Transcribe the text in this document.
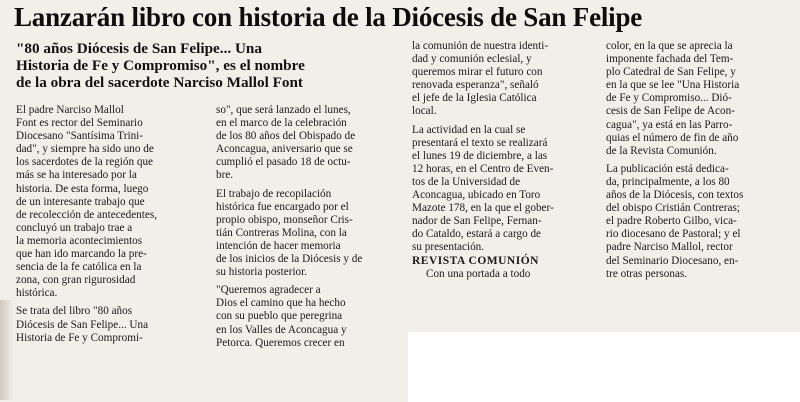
Lanzarán libro con historia de la Diócesis de San Felipe
"80 años Diócesis de San Felipe... Una
Historia de Fe y Compromiso", es el nombre
de la obra del sacerdote Narciso Mallol Font
El padre Narciso Mallol
Font es rector del Seminario
Diocesano "Santísima Trini-
dad", y siempre ha sido uno de
los sacerdotes de la región que
más se ha interesado por la
historia. De esta forma, luego
de un interesante trabajo que
de recolección de antecedentes,
concluyó un trabajo trae a
la memoria acontecimientos
que han ido marcando la pre-
sencia de la fe católica en la
zona, con gran rigurosidad
histórica.
Se trata del libro "80 años
Diócesis de San Felipe... Una
Historia de Fe y Compromi-
so", que será lanzado el lunes,
en el marco de la celebración
de los 80 años del Obispado de
Aconcagua, aniversario que se
cumplió el pasado 18 de octu-
bre.
El trabajo de recopilación
histórica fue encargado por el
propio obispo, monseñor Cris-
tián Contreras Molina, con la
intención de hacer memoria
de los inicios de la Diócesis y de
su historia posterior.
"Queremos agradecer a
Dios el camino que ha hecho
con su pueblo que peregrina
en los Valles de Aconcagua y
Petorca. Queremos crecer en
la comunión de nuestra identi-
dad y comunión eclesial, y
queremos mirar el futuro con
renovada esperanza", señaló
el jefe de la Iglesia Católica
local.
La actividad en la cual se
presentará el texto se realizará
el lunes 19 de diciembre, a las
12 horas, en el Centro de Even-
tos de la Universidad de
Aconcagua, ubicado en Toro
Mazote 178, en la que el gober-
nador de San Felipe, Fernan-
do Cataldo, estará a cargo de
su presentación.
REVISTA COMUNIÓN
Con una portada a todo
color, en la que se aprecia la
imponente fachada del Tem-
plo Catedral de San Felipe, y
en la que se lee "Una Historia
de Fe y Compromiso... Dió-
cesis de San Felipe de Acon-
cagua", ya está en las Parro-
quias el número de fin de año
de la Revista Comunión.
La publicación está dedica-
da, principalmente, a los 80
años de la Diócesis, con textos
del obispo Cristián Contreras;
el padre Roberto Gilbo, vica-
rio diocesano de Pastoral; y el
padre Narciso Mallol, rector
del Seminario Diocesano, en-
tre otras personas.
